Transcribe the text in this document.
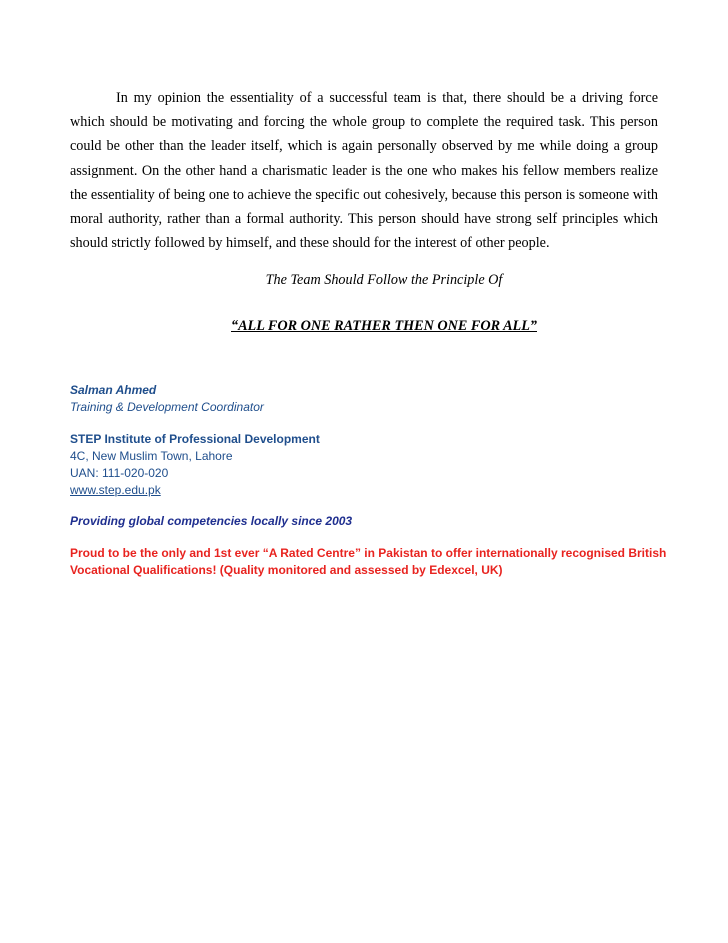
In my opinion the essentiality of a successful team is that, there should be a driving force which should be motivating and forcing the whole group to complete the required task. This person could be other than the leader itself, which is again personally observed by me while doing a group assignment. On the other hand a charismatic leader is the one who makes his fellow members realize the essentiality of being one to achieve the specific out cohesively, because this person is someone with moral authority, rather than a formal authority. This person should have strong self principles which should strictly followed by himself, and these should for the interest of other people.

The Team Should Follow the Principle Of

“ALL FOR ONE RATHER THEN ONE FOR ALL”

Salman Ahmed

Training & Development Coordinator

STEP Institute of Professional Development

4C, New Muslim Town, Lahore

UAN: 111-020-020

www.step.edu.pk

Providing global competencies locally since 2003

Proud to be the only and 1st ever “A Rated Centre” in Pakistan to offer internationally recognised British Vocational Qualifications! (Quality monitored and assessed by Edexcel, UK)
